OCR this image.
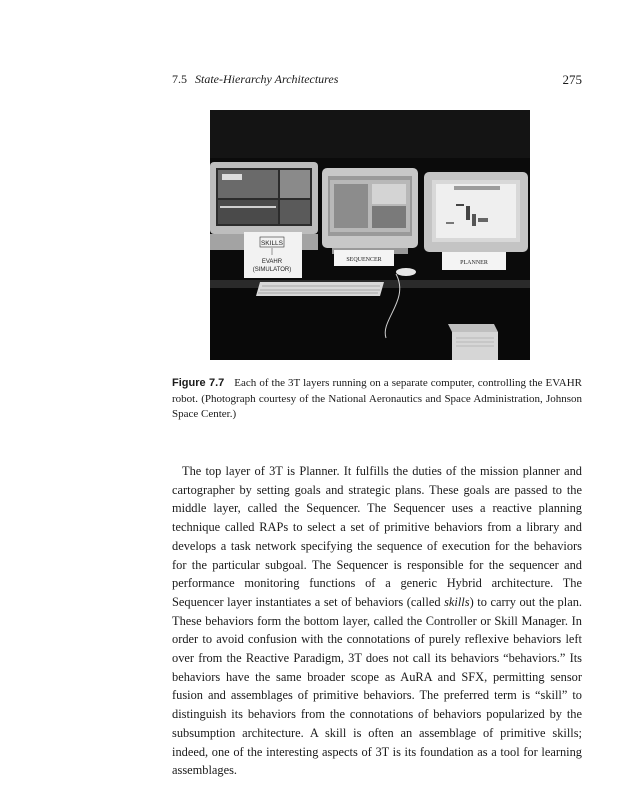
7.5 State-Hierarchy Architectures	275
SKILLS
EVAHR
(SIMULATOR)
SEQUENCER	PLANNER
Figure 7.7 Each of the 3T layers running on a separate computer, controlling the EVAHR robot. (Photograph courtesy of the National Aeronautics and Space Administration, Johnson Space Center.)

The top layer of 3T is Planner. It fulfills the duties of the mission planner and cartographer by setting goals and strategic plans. These goals are passed to the middle layer, called the Sequencer. The Sequencer uses a reactive planning technique called RAPs to select a set of primitive behaviors from a library and develops a task network specifying the sequence of execution for the behaviors for the particular subgoal. The Sequencer is responsible for the sequencer and performance monitoring functions of a generic Hybrid architecture. The Sequencer layer instantiates a set of behaviors (called skills) to carry out the plan. These behaviors form the bottom layer, called the Controller or Skill Manager. In order to avoid confusion with the connotations of purely reflexive behaviors left over from the Reactive Paradigm, 3T does not call its behaviors “behaviors.” Its behaviors have the same broader scope as AuRA and SFX, permitting sensor fusion and assemblages of primitive behaviors. The preferred term is “skill” to distinguish its behaviors from the connotations of behaviors popularized by the subsumption architecture. A skill is often an assemblage of primitive skills; indeed, one of the interesting aspects of 3T is its foundation as a tool for learning assemblages.
